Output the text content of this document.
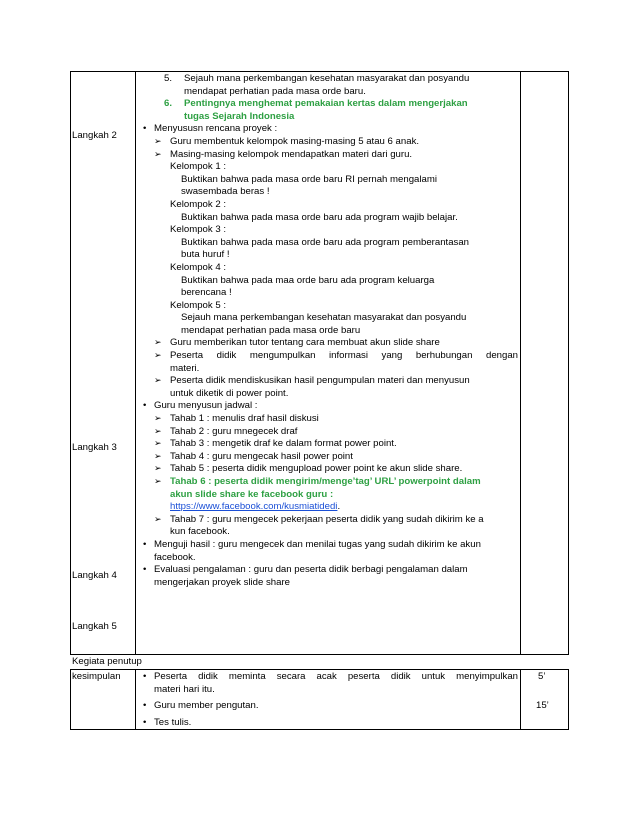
Langkah 2
Langkah 3
Langkah 4
Langkah 5
5. Sejauh mana perkembangan kesehatan masyarakat dan posyandu
mendapat perhatian pada masa orde baru.
6. Pentingnya menghemat pemakaian kertas dalam mengerjakan
tugas Sejarah Indonesia
• Menyususn rencana proyek :
➢ Guru membentuk kelompok masing-masing 5 atau 6 anak.
➢ Masing-masing kelompok mendapatkan materi dari guru.
Kelompok 1 :
Buktikan bahwa pada masa orde baru RI pernah mengalami
swasembada beras !
Kelompok 2 :
Buktikan bahwa pada masa orde baru ada program wajib belajar.
Kelompok 3 :
Buktikan bahwa pada masa orde baru ada program pemberantasan
buta huruf !
Kelompok 4 :
Buktikan bahwa pada maa orde baru ada program keluarga
berencana !
Kelompok 5 :
Sejauh mana perkembangan kesehatan masyarakat dan posyandu
mendapat perhatian pada masa orde baru
➢ Guru memberikan tutor tentang cara membuat akun slide share
➢ Peserta didik mengumpulkan informasi yang berhubungan dengan
materi.
➢ Peserta didik mendiskusikan hasil pengumpulan materi dan menyusun
untuk diketik di power point.
• Guru menyusun jadwal :
➢ Tahab 1 : menulis draf hasil diskusi
➢ Tahab 2 : guru mnegecek draf
➢ Tahab 3 : mengetik draf ke dalam format power point.
➢ Tahab 4 : guru mengecak hasil power point
➢ Tahab 5 : peserta didik mengupload power point ke akun slide share.
➢ Tahab 6 : peserta didik mengirim/menge’tag’ URL’ powerpoint dalam
akun slide share ke facebook guru :
https://www.facebook.com/kusmiatidedi.
➢ Tahab 7 : guru mengecek pekerjaan peserta didik yang sudah dikirim ke a
kun facebook.
• Menguji hasil : guru mengecek dan menilai tugas yang sudah dikirim ke akun
facebook.
• Evaluasi pengalaman : guru dan peserta didik berbagi pengalaman dalam
mengerjakan proyek slide share
Kegiata penutup
kesimpulan
•	Peserta didik meminta secara acak peserta didik untuk menyimpulkan
materi hari itu.
• Guru member pengutan.
• Tes tulis.
5’
15’
